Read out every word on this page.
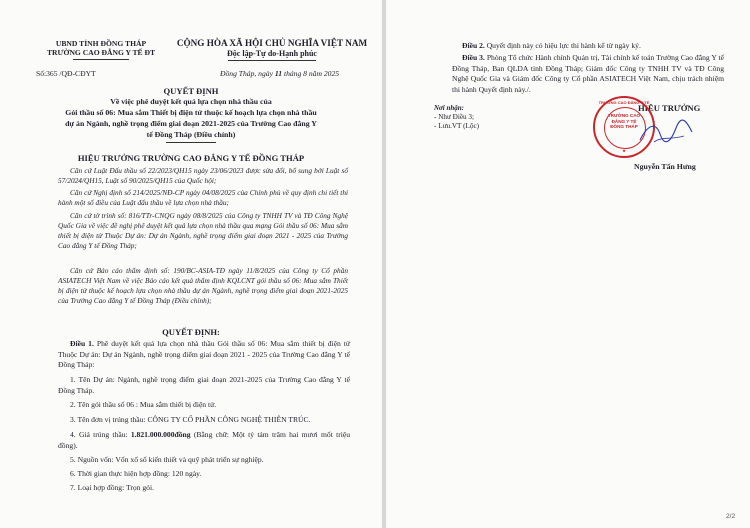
UBND TỈNH ĐỒNG THÁP

TRƯỜNG CAO ĐẲNG Y TẾ ĐT

CỘNG HÒA XÃ HỘI CHỦ NGHĨA VIỆT NAM

Độc lập-Tự do-Hạnh phúc

Số:365 /QĐ-CĐYT	Đồng Tháp, ngày 11 tháng 8 năm 2025

QUYẾT ĐỊNH

Về việc phê duyệt kết quả lựa chọn nhà thầu của

Gói thầu số 06: Mua sắm Thiết bị điện tử thuộc kế hoạch lựa chọn nhà thầu

dự án Ngành, nghề trọng điểm giai đoạn 2021-2025 của Trường Cao đẳng Y

tế Đồng Tháp (Điều chỉnh)

HIỆU TRƯỞNG TRƯỜNG CAO ĐẲNG Y TẾ ĐỒNG THÁP

Căn cứ Luật Đấu thầu số 22/2023/QH15 ngày 23/06/2023 được sửa đổi, bổ sung bởi Luật số 57/2024/QH15, Luật số 90/2025/QH15 của Quốc hội;

Căn cứ Nghị định số 214/2025/NĐ-CP ngày 04/08/2025 của Chính phủ về quy định chi tiết thi hành một số điều của Luật đấu thầu về lựa chọn nhà thầu;

Căn cứ tờ trình số: 816/TTr-CNQG ngày 08/8/2025 của Công ty TNHH TV và TĐ Công Nghệ Quốc Gia về việc đề nghị phê duyệt kết quả lựa chọn nhà thầu qua mạng Gói thầu số 06: Mua sắm thiết bị điện tử Thuộc Dự án: Dự án Ngành, nghề trọng điểm giai đoạn 2021 - 2025 của Trường Cao đẳng Y tế Đồng Tháp;

Căn cứ Báo cáo thẩm định số: 190/BC-ASIA-TĐ ngày 11/8/2025 của Công ty Cổ phần ASIATECH Việt Nam về việc Báo cáo kết quả thẩm định KQLCNT gói thầu số 06: Mua sắm Thiết bị điện tử thuộc kế hoạch lựa chọn nhà thầu dự án Ngành, nghề trọng điểm giai đoạn 2021-2025 của Trường Cao đẳng Y tế Đồng Tháp (Điều chỉnh);

QUYẾT ĐỊNH:

Điều 1. Phê duyệt kết quả lựa chọn nhà thầu Gói thầu số 06: Mua sắm thiết bị điện tử Thuộc Dự án: Dự án Ngành, nghề trọng điểm giai đoạn 2021 - 2025 của Trường Cao đẳng Y tế Đồng Tháp:

1. Tên Dự án: Ngành, nghề trọng điểm giai đoạn 2021-2025 của Trường Cao đẳng Y tế Đồng Tháp.

2. Tên gói thầu số 06 : Mua sắm thiết bị điện tử.

3. Tên đơn vị trúng thầu: CÔNG TY CỔ PHẦN CÔNG NGHỆ THIÊN TRÚC.

4. Giá trúng thầu: 1.821.000.000đồng (Bằng chữ: Một tỷ tám trăm hai mươi mốt triệu đồng).

5. Nguồn vốn: Vốn xổ số kiến thiết và quỹ phát triển sự nghiệp.

6. Thời gian thực hiện hợp đồng: 120 ngày.

7. Loại hợp đồng: Trọn gói.

Điều 2. Quyết định này có hiệu lực thi hành kể từ ngày ký.

Điều 3. Phòng Tổ chức Hành chính Quản trị, Tài chính kế toán Trường Cao đẳng Y tế Đồng Tháp, Ban QLDA tỉnh Đồng Tháp; Giám đốc Công ty TNHH TV và TĐ Công Nghệ Quốc Gia và Giám đốc Công ty Cổ phần ASIATECH Việt Nam, chịu trách nhiệm thi hành Quyết định này./.

Nơi nhận:

- Như Điều 3;

- Lưu.VT (Lộc)

HIỆU TRƯỞNG

TRƯỜNG CAO ĐẲNG Y TẾ
TRƯỜNG CAO ĐẲNG Y TẾ ĐỒNG THÁP
★

Nguyễn Tấn Hưng

2/2
